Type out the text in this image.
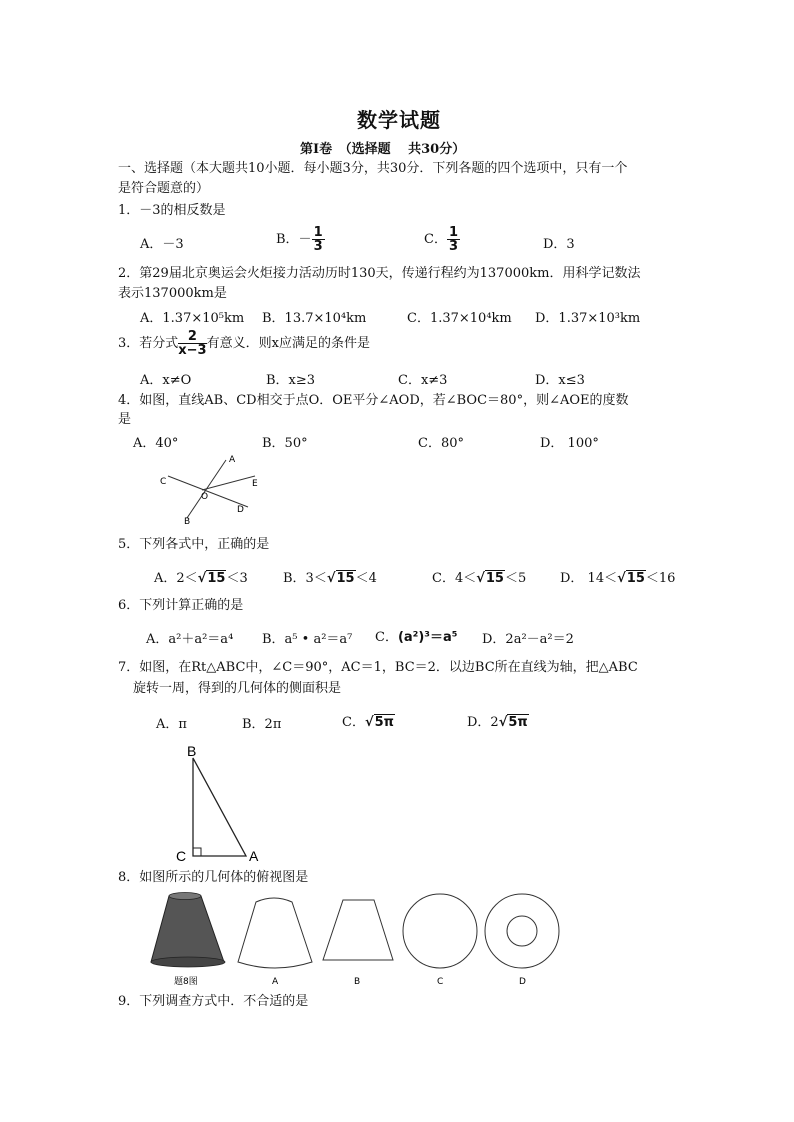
数学试题
第Ⅰ卷　（选择题　 共30分）
一、选择题（本大题共10小题．每小题3分，共30分．下列各题的四个选项中，只有一个
是符合题意的）
1．－3的相反数是
A．－3	B．－ $\frac{1}{3}$	C． $\frac{1}{3}$	D．3
2．第29届北京奥运会火炬接力活动历时130天，传递行程约为137000km．用科学记数法
表示137000km是
A．1.37×10⁵km B．13.7×10⁴km	C．1.37×10⁴km D．1.37×10³km
3．若分式 $\frac{2}{x-3}$ 有意义．则x应满足的条件是
A．x≠O	B．x≥3	C．x≠3	D．x≤3
4．如图，直线AB、CD相交于点O．OE平分∠AOD，若∠BOC＝80°，则∠AOE的度数
是
A．40°	B．50°	C．80°	D． 100°
A
B
C
D
E
O
5．下列各式中，正确的是
A．2＜√15＜3	B．3＜√15＜4	C．4＜√15＜5	D． 14＜√15＜16
6．下列计算正确的是
A．a²＋a²＝a⁴ B．a⁵ • a²＝a⁷ C．(a²)³＝a⁵ D．2a²－a²＝2
7．如图，在Rt△ABC中，∠C＝90°，AC＝1，BC＝2．以边BC所在直线为轴，把△ABC
旋转一周，得到的几何体的侧面积是
A．π	B．2π	C．√5π	D．2√5π
B
C	A
8．如图所示的几何体的俯视图是
题8图	A	B	C	D
9．下列调查方式中．不合适的是
